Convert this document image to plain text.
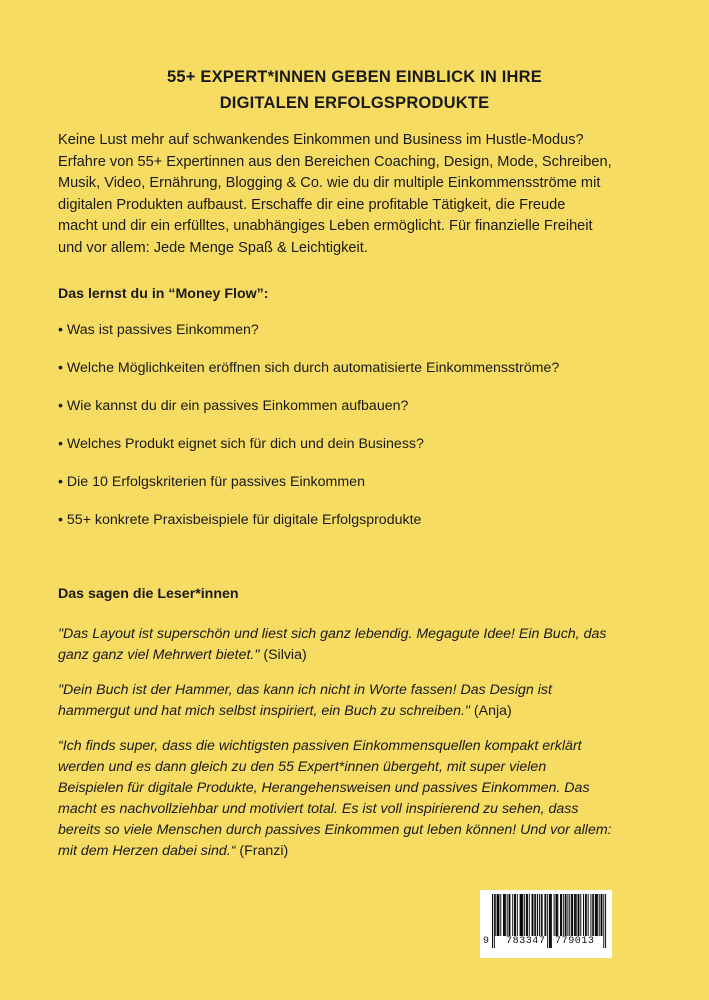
55+ EXPERT*INNEN GEBEN EINBLICK IN IHRE
DIGITALEN ERFOLGSPRODUKTE
Keine Lust mehr auf schwankendes Einkommen und Business im Hustle-Modus?
Erfahre von 55+ Expertinnen aus den Bereichen Coaching, Design, Mode, Schreiben,
Musik, Video, Ernährung, Blogging & Co. wie du dir multiple Einkommensströme mit
digitalen Produkten aufbaust. Erschaffe dir eine profitable Tätigkeit, die Freude
macht und dir ein erfülltes, unabhängiges Leben ermöglicht. Für finanzielle Freiheit
und vor allem: Jede Menge Spaß & Leichtigkeit.
Das lernst du in “Money Flow”:
• Was ist passives Einkommen?
• Welche Möglichkeiten eröffnen sich durch automatisierte Einkommensströme?
• Wie kannst du dir ein passives Einkommen aufbauen?
• Welches Produkt eignet sich für dich und dein Business?
• Die 10 Erfolgskriterien für passives Einkommen
• 55+ konkrete Praxisbeispiele für digitale Erfolgsprodukte
Das sagen die Leser*innen
"Das Layout ist superschön und liest sich ganz lebendig. Megagute Idee! Ein Buch, das
ganz ganz viel Mehrwert bietet." (Silvia)
"Dein Buch ist der Hammer, das kann ich nicht in Worte fassen! Das Design ist
hammergut und hat mich selbst inspiriert, ein Buch zu schreiben." (Anja)
“Ich finds super, dass die wichtigsten passiven Einkommensquellen kompakt erklärt
werden und es dann gleich zu den 55 Expert*innen übergeht, mit super vielen
Beispielen für digitale Produkte, Herangehensweisen und passives Einkommen. Das
macht es nachvollziehbar und motiviert total. Es ist voll inspirierend zu sehen, dass
bereits so viele Menschen durch passives Einkommen gut leben können! Und vor allem:
mit dem Herzen dabei sind.“ (Franzi)
9 783347 779013
